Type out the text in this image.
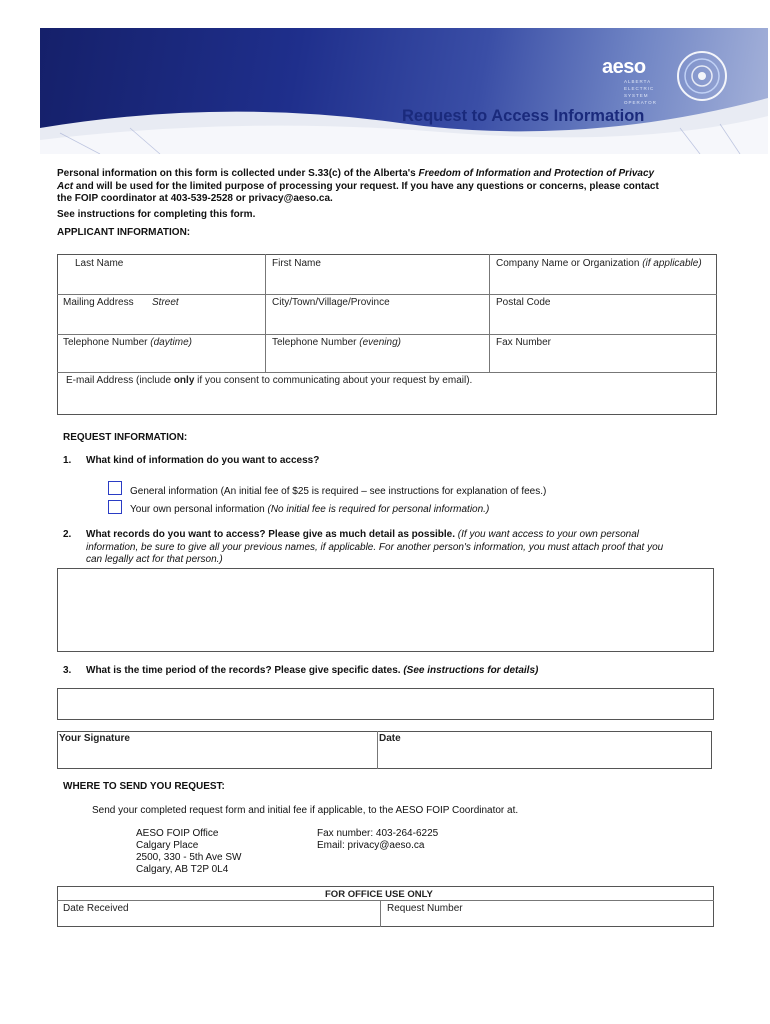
aeso
ALBERTA
ELECTRIC
SYSTEM
OPERATOR
Request to Access Information
Personal information on this form is collected under S.33(c) of the Alberta's Freedom of Information and Protection of Privacy
Act and will be used for the limited purpose of processing your request. If you have any questions or concerns, please contact
the FOIP coordinator at 403-539-2528 or privacy@aeso.ca.
See instructions for completing this form.
APPLICANT INFORMATION:
Last Name	First Name	Company Name or Organization (if applicable)
Mailing Address Street	City/Town/Village/Province	Postal Code
Telephone Number (daytime)	Telephone Number (evening)	Fax Number
E-mail Address (include only if you consent to communicating about your request by email).
REQUEST INFORMATION:
1. What kind of information do you want to access?
General information (An initial fee of $25 is required – see instructions for explanation of fees.)
Your own personal information (No initial fee is required for personal information.)
2. What records do you want to access? Please give as much detail as possible. (If you want access to your own personal
information, be sure to give all your previous names, if applicable. For another person's information, you must attach proof that you
can legally act for that person.)
3. What is the time period of the records? Please give specific dates. (See instructions for details)
Your Signature	Date
WHERE TO SEND YOU REQUEST:
Send your completed request form and initial fee if applicable, to the AESO FOIP Coordinator at.
AESO FOIP Office
Calgary Place
2500, 330 - 5th Ave SW
Calgary, AB T2P 0L4
Fax number: 403-264-6225
Email: privacy@aeso.ca
FOR OFFICE USE ONLY
Date Received	Request Number
